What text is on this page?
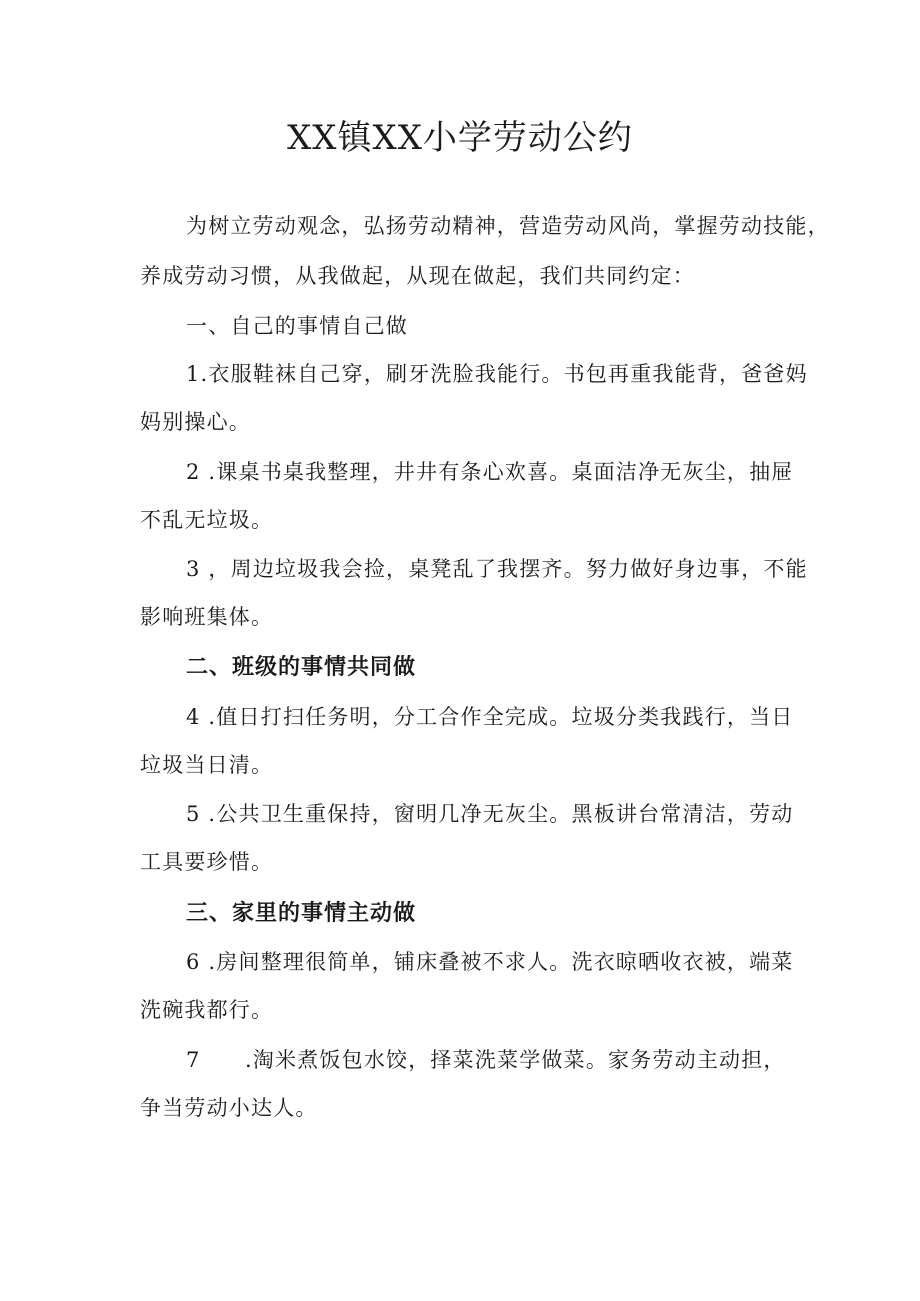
XX镇XX小学劳动公约

为树立劳动观念，弘扬劳动精神，营造劳动风尚，掌握劳动技能，

养成劳动习惯，从我做起，从现在做起，我们共同约定：

一、自己的事情自己做

1.衣服鞋袜自己穿，刷牙洗脸我能行。书包再重我能背，爸爸妈

妈别操心。

2 .课桌书桌我整理，井井有条心欢喜。桌面洁净无灰尘，抽屉

不乱无垃圾。

3 ，周边垃圾我会捡，桌凳乱了我摆齐。努力做好身边事，不能

影响班集体。

二、班级的事情共同做

4 .值日打扫任务明，分工合作全完成。垃圾分类我践行，当日

垃圾当日清。

5 .公共卫生重保持，窗明几净无灰尘。黑板讲台常清洁，劳动

工具要珍惜。

三、家里的事情主动做

6 .房间整理很简单，铺床叠被不求人。洗衣晾晒收衣被，端菜

洗碗我都行。

7　　.淘米煮饭包水饺，择菜洗菜学做菜。家务劳动主动担，

争当劳动小达人。
